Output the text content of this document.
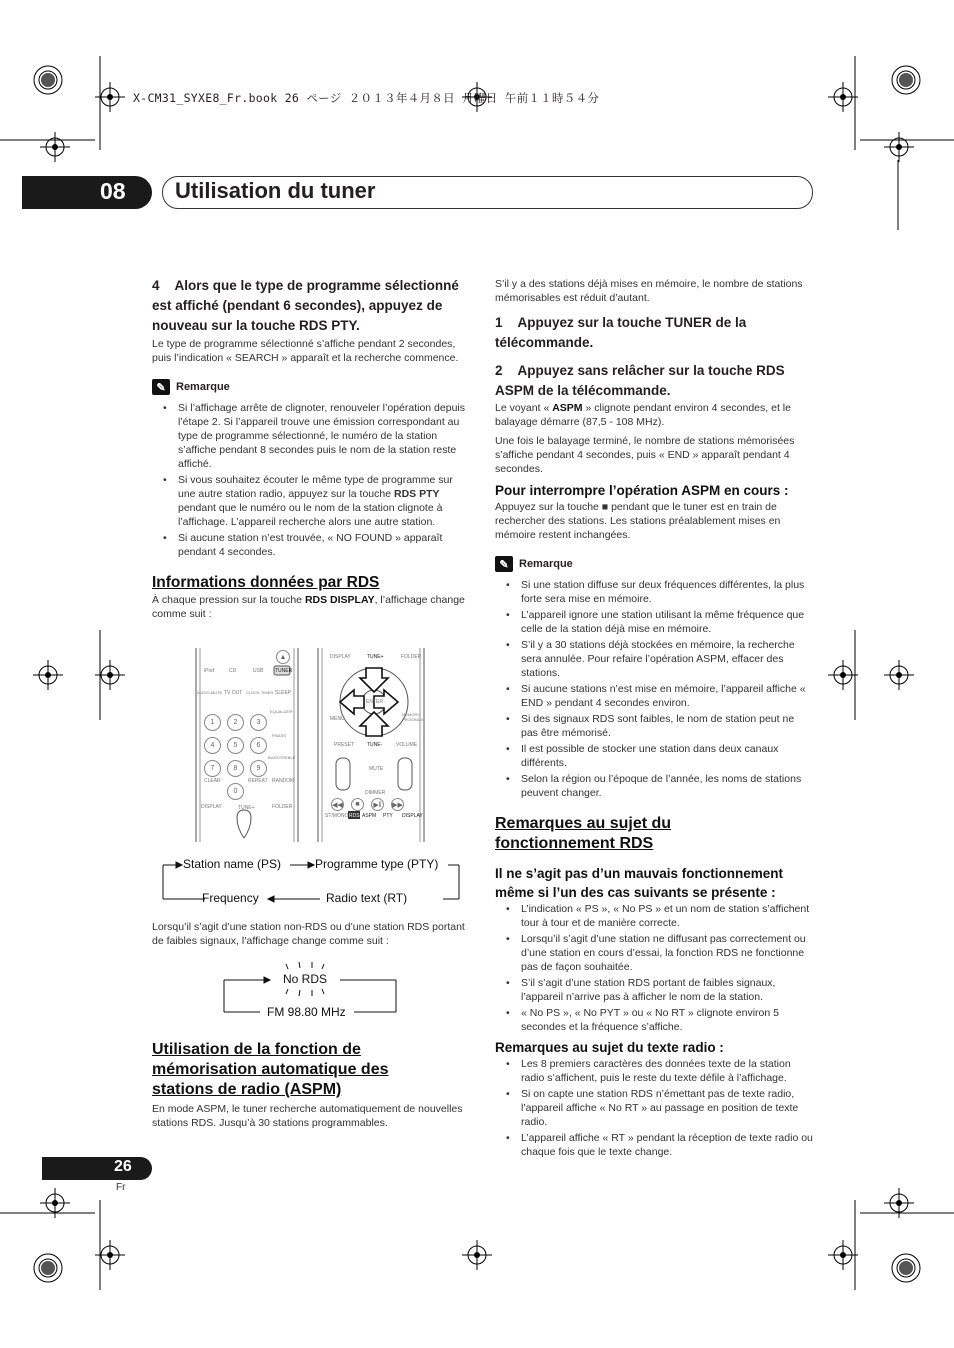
X-CM31_SYXE8_Fr.book 26 ページ ２０１３年４月８日 月曜日 午前１１時５４分
08 Utilisation du tuner
4 Alors que le type de programme sélectionné
est affiché (pendant 6 secondes), appuyez de
nouveau sur la touche RDS PTY.
Le type de programme sélectionné s’affiche pendant 2 secondes, puis l’indication « SEARCH » apparaît et la recherche commence.
✎ Remarque
• Si l’affichage arrête de clignoter, renouveler l’opération depuis l’étape 2. Si l’appareil trouve une émission correspondant au type de programme sélectionné, le numéro de la station s’affiche pendant 8 secondes puis le nom de la station reste affiché.
• Si vous souhaitez écouter le même type de programme sur une autre station radio, appuyez sur la touche RDS PTY pendant que le numéro ou le nom de la station clignote à l’affichage. L’appareil recherche alors une autre station.
• Si aucune station n’est trouvée, « NO FOUND » apparaît pendant 4 secondes.
Informations données par RDS
À chaque pression sur la touche RDS DISPLAY, l’affichage change comme suit :
▲
1	2	3
4	5	6
7	8	9
0
iPod	CD	USB TUNER
AUDIO MUTE TV OUT CLOCK TIMER SLEEP
EQUALIZER
P.BASS
BASS/TREBLE
CLEAR	REPEAT RANDOM
DISPLAY	TUNE+	FOLDER
DISPLAY	TUNE+	FOLDER
ENTER
MENU
MEMORY PROGRAM
PRESET	TUNE-	VOLUME
MUTE
DIMMER
ST/MONO RDS ASPM PTY DISPLAY
◀◀	■	▶‖	▶▶
Station name (PS)	Programme type (PTY)
Frequency	Radio text (RT)
Lorsqu’il s’agit d’une station non-RDS ou d’une station RDS portant de faibles signaux, l’affichage change comme suit :
No RDS
FM 98.80 MHz
Utilisation de la fonction de
mémorisation automatique des
stations de radio (ASPM)
En mode ASPM, le tuner recherche automatiquement de nouvelles stations RDS. Jusqu’à 30 stations programmables.
S’il y a des stations déjà mises en mémoire, le nombre de stations mémorisables est réduit d’autant.
1 Appuyez sur la touche TUNER de la
télécommande.
2 Appuyez sans relâcher sur la touche RDS
ASPM de la télécommande.
Le voyant « ASPM » clignote pendant environ 4 secondes, et le balayage démarre (87,5 - 108 MHz).
Une fois le balayage terminé, le nombre de stations mémorisées s’affiche pendant 4 secondes, puis « END » apparaît pendant 4 secondes.
Pour interrompre l’opération ASPM en cours :
Appuyez sur la touche ■ pendant que le tuner est en train de rechercher des stations. Les stations préalablement mises en mémoire restent inchangées.
✎ Remarque
• Si une station diffuse sur deux fréquences différentes, la plus forte sera mise en mémoire.
• L’appareil ignore une station utilisant la même fréquence que celle de la station déjà mise en mémoire.
• S’il y a 30 stations déjà stockées en mémoire, la recherche sera annulée. Pour refaire l’opération ASPM, effacer des stations.
• Si aucune stations n’est mise en mémoire, l’appareil affiche « END » pendant 4 secondes environ.
• Si des signaux RDS sont faibles, le nom de station peut ne pas être mémorisé.
• Il est possible de stocker une station dans deux canaux différents.
• Selon la région ou l’époque de l’année, les noms de stations peuvent changer.
Remarques au sujet du
fonctionnement RDS
Il ne s’agit pas d’un mauvais fonctionnement
même si l’un des cas suivants se présente :
• L’indication « PS », « No PS » et un nom de station s’affichent tour à tour et de manière correcte.
• Lorsqu’il s’agit d’une station ne diffusant pas correctement ou d’une station en cours d’essai, la fonction RDS ne fonctionne pas de façon souhaitée.
• S’il s’agit d’une station RDS portant de faibles signaux, l’appareil n’arrive pas à afficher le nom de la station.
• « No PS », « No PYT » ou « No RT » clignote environ 5 secondes et la fréquence s’affiche.
Remarques au sujet du texte radio :
• Les 8 premiers caractères des données texte de la station radio s’affichent, puis le reste du texte défile à l’affichage.
• Si on capte une station RDS n’émettant pas de texte radio, l’appareil affiche « No RT » au passage en position de texte radio.
• L’appareil affiche « RT » pendant la réception de texte radio ou chaque fois que le texte change.
26
Fr
